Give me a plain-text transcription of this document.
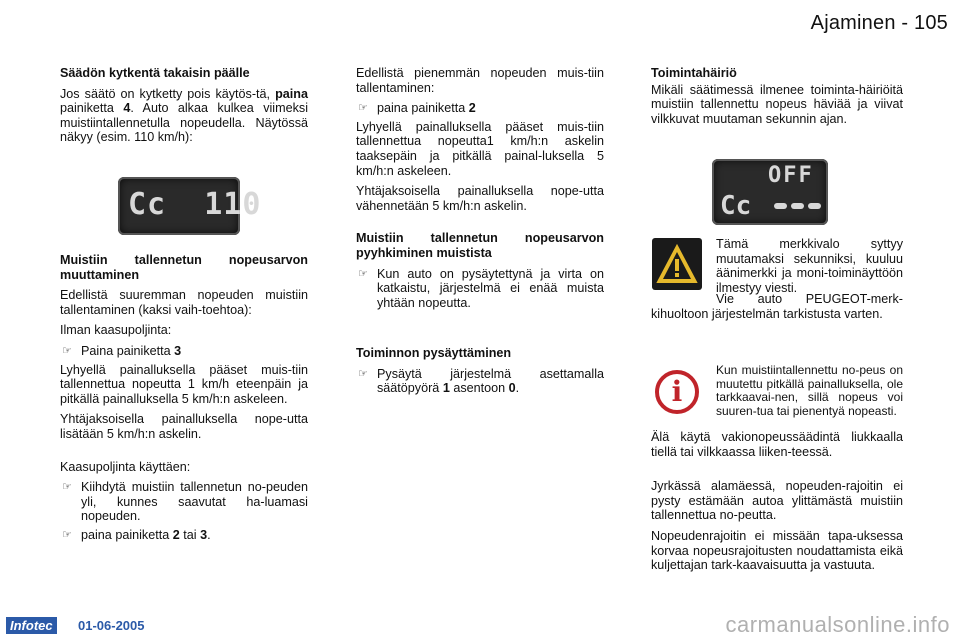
Ajaminen - 105

Säädön kytkentä takaisin päälle

Jos säätö on kytketty pois käytös-tä, paina painiketta 4. Auto alkaa kulkea viimeksi muistiintallennetulla nopeudella. Näytössä näkyy (esim. 110 km/h):

Cc  110

Muistiin tallennetun nopeusarvon muuttaminen

Edellistä suuremman nopeuden muistiin tallentaminen (kaksi vaih-toehtoa):

Ilman kaasupoljinta:

☞ Paina painiketta 3

Lyhyellä painalluksella pääset muis-tiin tallennettua nopeutta 1 km/h eteenpäin ja pitkällä painalluksella 5 km/h:n askeleen.

Yhtäjaksoisella painalluksella nope-utta lisätään 5 km/h:n askelin.

Kaasupoljinta käyttäen:

☞ Kiihdytä muistiin tallennetun no-peuden yli, kunnes saavutat ha-luamasi nopeuden.
☞ paina painiketta 2 tai 3.

Edellistä pienemmän nopeuden muis-tiin tallentaminen:

☞ paina painiketta 2

Lyhyellä painalluksella pääset muis-tiin tallennettua nopeutta1 km/h:n askelin taaksepäin ja pitkällä painal-luksella 5 km/h:n askeleen.

Yhtäjaksoisella painalluksella nope-utta vähennetään 5 km/h:n askelin.

Muistiin tallennetun nopeusarvon pyyhkiminen muistista

☞ Kun auto on pysäytettynä ja virta on katkaistu, järjestelmä ei enää muista yhtään nopeutta.

Toiminnon pysäyttäminen

☞ Pysäytä järjestelmä asettamalla säätöpyörä 1 asentoon 0.

Toimintahäiriö

Mikäli säätimessä ilmenee toiminta-häiriöitä muistiin tallennettu nopeus häviää ja viivat vilkkuvat muutaman sekunnin ajan.

OFF
Cc

Tämä merkkivalo syttyy muutamaksi sekunniksi, kuuluu äänimerkki ja moni-toiminäyttöön ilmestyy viesti.

Vie auto PEUGEOT-merk-kihuoltoon järjestelmän tarkistusta varten.

i

Kun muistiintallennettu no-peus on muutettu pitkällä painalluksella, ole tarkkaavai-nen, sillä nopeus voi suuren-tua tai pienentyä nopeasti.

Älä käytä vakionopeussäädintä liukkaalla tiellä tai vilkkaassa liiken-teessä.

Jyrkässä alamäessä, nopeuden-rajoitin ei pysty estämään autoa ylittämästä muistiin tallennettua no-peutta.

Nopeudenrajoitin ei missään tapa-uksessa korvaa nopeusrajoitusten noudattamista eikä kuljettajan tark-kaavaisuutta ja vastuuta.

Infotec	01-06-2005	carmanualsonline.info
